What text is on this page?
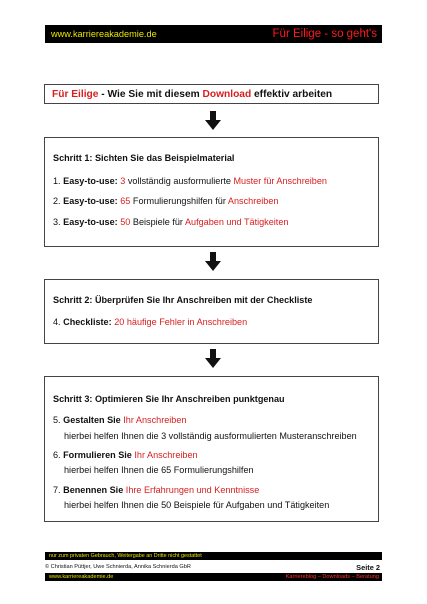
www.karriereakademie.de	Für Eilige - so geht's
Für Eilige - Wie Sie mit diesem Download effektiv arbeiten
Schritt 1: Sichten Sie das Beispielmaterial
1. Easy-to-use: 3 vollständig ausformulierte Muster für Anschreiben
2. Easy-to-use: 65 Formulierungshilfen für Anschreiben
3. Easy-to-use: 50 Beispiele für Aufgaben und Tätigkeiten
Schritt 2: Überprüfen Sie Ihr Anschreiben mit der Checkliste
4. Checkliste: 20 häufige Fehler in Anschreiben
Schritt 3: Optimieren Sie Ihr Anschreiben punktgenau
5. Gestalten Sie Ihr Anschreiben
hierbei helfen Ihnen die 3 vollständig ausformulierten Musteranschreiben
6. Formulieren Sie Ihr Anschreiben
hierbei helfen Ihnen die 65 Formulierungshilfen
7. Benennen Sie Ihre Erfahrungen und Kenntnisse
hierbei helfen Ihnen die 50 Beispiele für Aufgaben und Tätigkeiten
nur zum privaten Gebrauch, Weitergabe an Dritte nicht gestattet
© Christian Püttjer, Uwe Schnierda, Annika Schnierda GbR	Seite 2
www.karriereakademie.de	Karriereblog – Downloads – Beratung
